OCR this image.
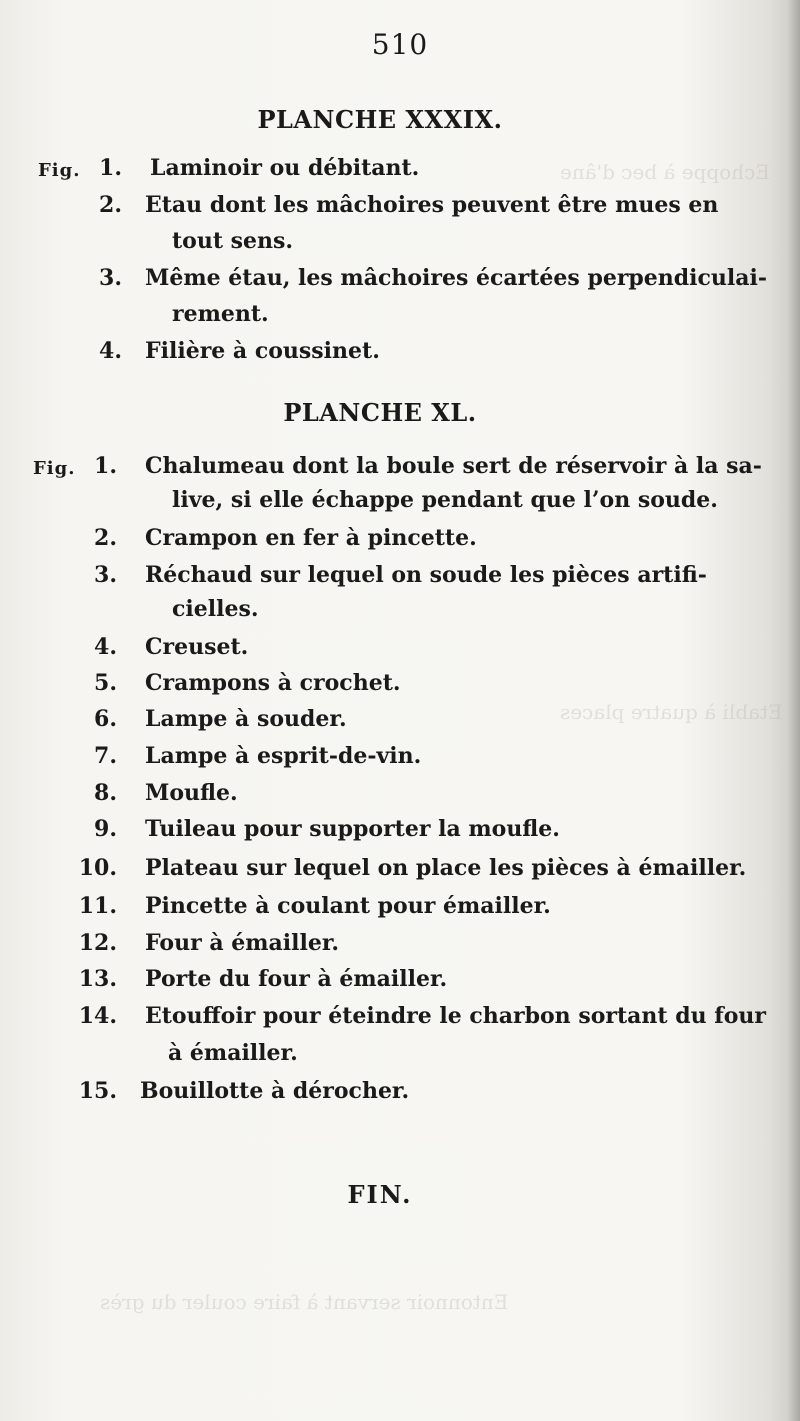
Echoppe à bec d'âne
Etabli à quatre places
Entonnoir servant à faire couler du grès
510
PLANCHE XXXIX.
Fig. 1. Laminoir ou débitant.
2. Etau dont les mâchoires peuvent être mues en
tout sens.
3. Même étau, les mâchoires écartées perpendiculai-
rement.
4. Filière à coussinet.
PLANCHE XL.
Fig. 1. Chalumeau dont la boule sert de réservoir à la sa-
live, si elle échappe pendant que l’on soude.
2. Crampon en fer à pincette.
3. Réchaud sur lequel on soude les pièces artifi-
cielles.
4. Creuset.
5. Crampons à crochet.
6. Lampe à souder.
7. Lampe à esprit-de-vin.
8. Moufle.
9. Tuileau pour supporter la moufle.
10. Plateau sur lequel on place les pièces à émailler.
11. Pincette à coulant pour émailler.
12. Four à émailler.
13. Porte du four à émailler.
14. Etouffoir pour éteindre le charbon sortant du four
à émailler.
15. Bouillotte à dérocher.
FIN.
